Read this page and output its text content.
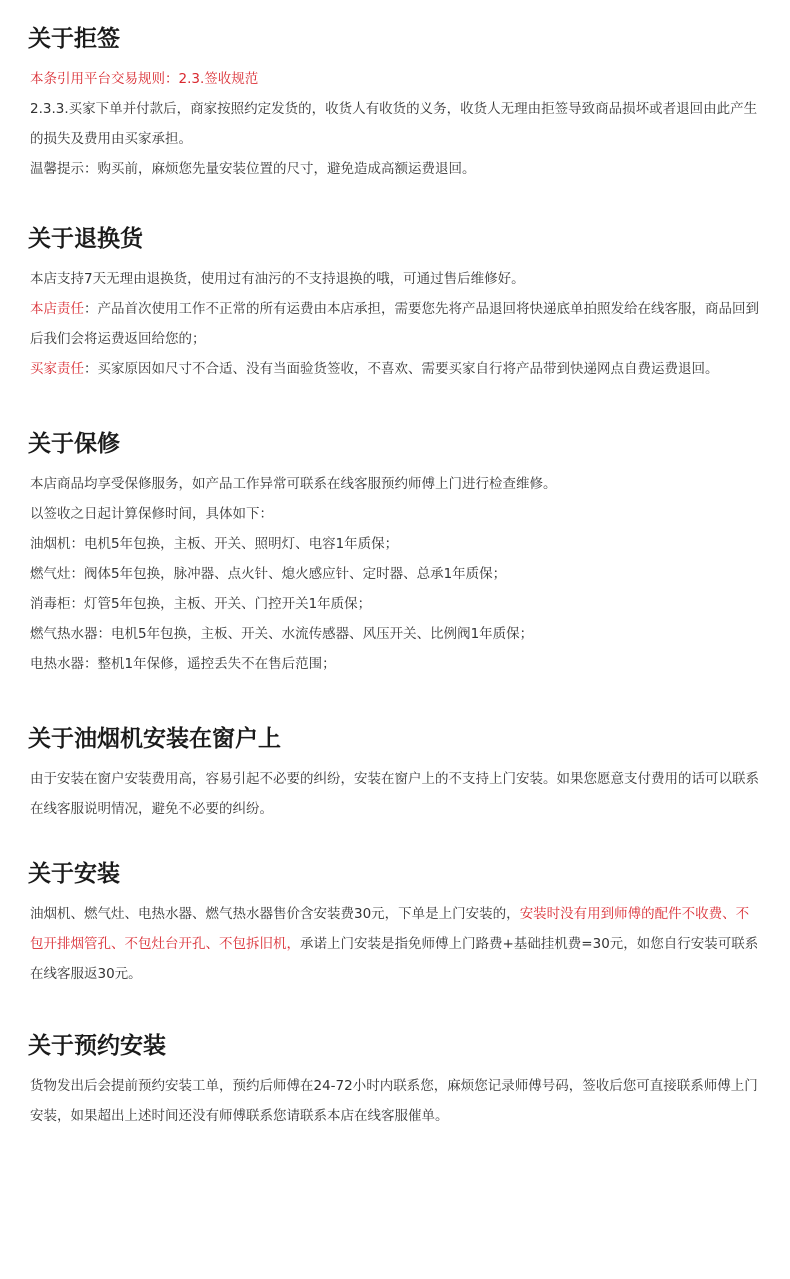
关于拒签

本条引用平台交易规则：2.3.签收规范

2.3.3.买家下单并付款后，商家按照约定发货的，收货人有收货的义务，收货人无理由拒签导致商品损坏或者退回由此产生的损失及费用由买家承担。

温馨提示：购买前，麻烦您先量安装位置的尺寸，避免造成高额运费退回。

关于退换货

本店支持7天无理由退换货，使用过有油污的不支持退换的哦，可通过售后维修好。

本店责任：产品首次使用工作不正常的所有运费由本店承担，需要您先将产品退回将快递底单拍照发给在线客服，商品回到后我们会将运费返回给您的；

买家责任：买家原因如尺寸不合适、没有当面验货签收，不喜欢、需要买家自行将产品带到快递网点自费运费退回。

关于保修

本店商品均享受保修服务，如产品工作异常可联系在线客服预约师傅上门进行检查维修。

以签收之日起计算保修时间，具体如下：

油烟机：电机5年包换，主板、开关、照明灯、电容1年质保；

燃气灶：阀体5年包换，脉冲器、点火针、熄火感应针、定时器、总承1年质保；

消毒柜：灯管5年包换，主板、开关、门控开关1年质保；

燃气热水器：电机5年包换，主板、开关、水流传感器、风压开关、比例阀1年质保；

电热水器：整机1年保修，遥控丢失不在售后范围；

关于油烟机安装在窗户上

由于安装在窗户安装费用高，容易引起不必要的纠纷，安装在窗户上的不支持上门安装。如果您愿意支付费用的话可以联系在线客服说明情况，避免不必要的纠纷。

关于安装

油烟机、燃气灶、电热水器、燃气热水器售价含安装费30元，下单是上门安装的，安装时没有用到师傅的配件不收费、不包开排烟管孔、不包灶台开孔、不包拆旧机，承诺上门安装是指免师傅上门路费+基础挂机费=30元，如您自行安装可联系在线客服返30元。

关于预约安装

货物发出后会提前预约安装工单，预约后师傅在24-72小时内联系您，麻烦您记录师傅号码，签收后您可直接联系师傅上门安装，如果超出上述时间还没有师傅联系您请联系本店在线客服催单。
